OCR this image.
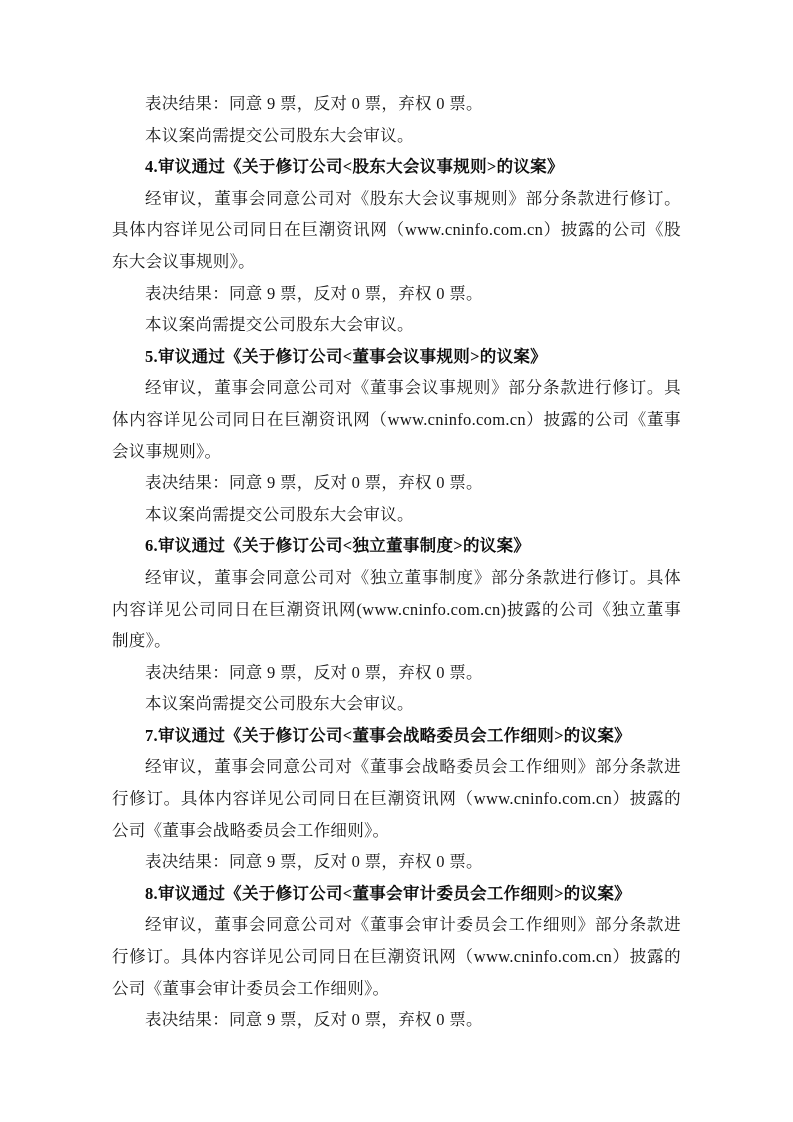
表决结果：同意 9 票，反对 0 票，弃权 0 票。

本议案尚需提交公司股东大会审议。

4.审议通过《关于修订公司<股东大会议事规则>的议案》

经审议，董事会同意公司对《股东大会议事规则》部分条款进行修订。具体内容详见公司同日在巨潮资讯网（www.cninfo.com.cn）披露的公司《股东大会议事规则》。

表决结果：同意 9 票，反对 0 票，弃权 0 票。

本议案尚需提交公司股东大会审议。

5.审议通过《关于修订公司<董事会议事规则>的议案》

经审议，董事会同意公司对《董事会议事规则》部分条款进行修订。具体内容详见公司同日在巨潮资讯网（www.cninfo.com.cn）披露的公司《董事会议事规则》。

表决结果：同意 9 票，反对 0 票，弃权 0 票。

本议案尚需提交公司股东大会审议。

6.审议通过《关于修订公司<独立董事制度>的议案》

经审议，董事会同意公司对《独立董事制度》部分条款进行修订。具体内容详见公司同日在巨潮资讯网(www.cninfo.com.cn)披露的公司《独立董事制度》。

表决结果：同意 9 票，反对 0 票，弃权 0 票。

本议案尚需提交公司股东大会审议。

7.审议通过《关于修订公司<董事会战略委员会工作细则>的议案》

经审议，董事会同意公司对《董事会战略委员会工作细则》部分条款进行修订。具体内容详见公司同日在巨潮资讯网（www.cninfo.com.cn）披露的公司《董事会战略委员会工作细则》。

表决结果：同意 9 票，反对 0 票，弃权 0 票。

8.审议通过《关于修订公司<董事会审计委员会工作细则>的议案》

经审议，董事会同意公司对《董事会审计委员会工作细则》部分条款进行修订。具体内容详见公司同日在巨潮资讯网（www.cninfo.com.cn）披露的公司《董事会审计委员会工作细则》。

表决结果：同意 9 票，反对 0 票，弃权 0 票。
